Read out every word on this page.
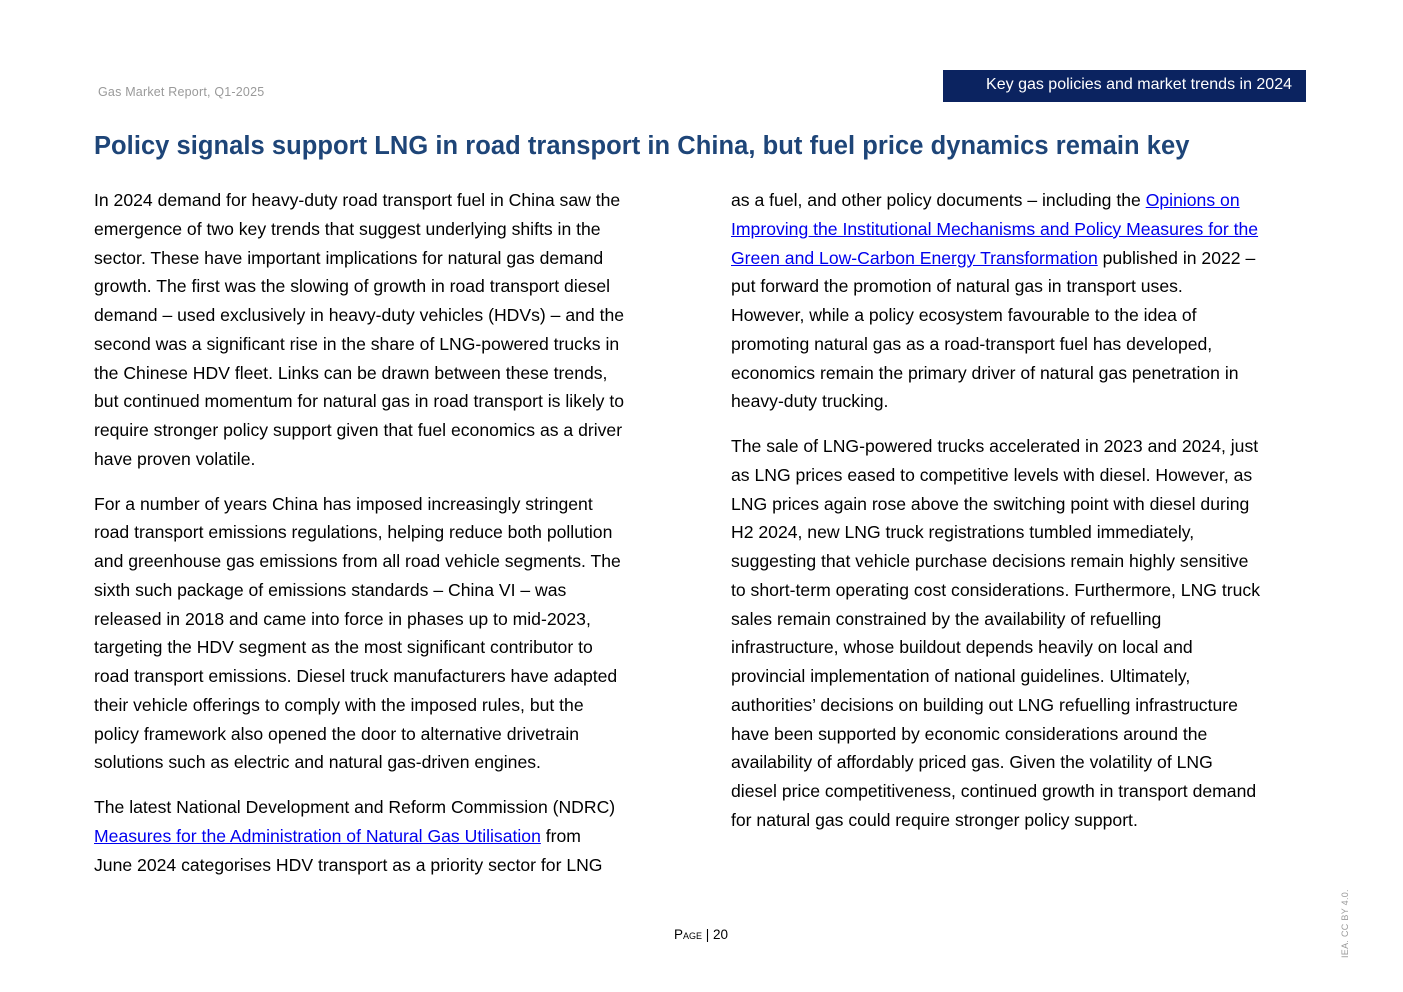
Gas Market Report, Q1-2025	Key gas policies and market trends in 2024
Policy signals support LNG in road transport in China, but fuel price dynamics remain key

In 2024 demand for heavy-duty road transport fuel in China saw the
emergence of two key trends that suggest underlying shifts in the
sector. These have important implications for natural gas demand
growth. The first was the slowing of growth in road transport diesel
demand – used exclusively in heavy-duty vehicles (HDVs) – and the
second was a significant rise in the share of LNG-powered trucks in
the Chinese HDV fleet. Links can be drawn between these trends,
but continued momentum for natural gas in road transport is likely to
require stronger policy support given that fuel economics as a driver
have proven volatile.

For a number of years China has imposed increasingly stringent
road transport emissions regulations, helping reduce both pollution
and greenhouse gas emissions from all road vehicle segments. The
sixth such package of emissions standards – China VI – was
released in 2018 and came into force in phases up to mid-2023,
targeting the HDV segment as the most significant contributor to
road transport emissions. Diesel truck manufacturers have adapted
their vehicle offerings to comply with the imposed rules, but the
policy framework also opened the door to alternative drivetrain
solutions such as electric and natural gas-driven engines.

The latest National Development and Reform Commission (NDRC)
Measures for the Administration of Natural Gas Utilisation from
June 2024 categorises HDV transport as a priority sector for LNG

as a fuel, and other policy documents – including the Opinions on
Improving the Institutional Mechanisms and Policy Measures for the
Green and Low-Carbon Energy Transformation published in 2022 –
put forward the promotion of natural gas in transport uses.
However, while a policy ecosystem favourable to the idea of
promoting natural gas as a road-transport fuel has developed,
economics remain the primary driver of natural gas penetration in
heavy-duty trucking.

The sale of LNG-powered trucks accelerated in 2023 and 2024, just
as LNG prices eased to competitive levels with diesel. However, as
LNG prices again rose above the switching point with diesel during
H2 2024, new LNG truck registrations tumbled immediately,
suggesting that vehicle purchase decisions remain highly sensitive
to short-term operating cost considerations. Furthermore, LNG truck
sales remain constrained by the availability of refuelling
infrastructure, whose buildout depends heavily on local and
provincial implementation of national guidelines. Ultimately,
authorities’ decisions on building out LNG refuelling infrastructure
have been supported by economic considerations around the
availability of affordably priced gas. Given the volatility of LNG
diesel price competitiveness, continued growth in transport demand
for natural gas could require stronger policy support.

Page | 20	IEA. CC BY 4.0.
